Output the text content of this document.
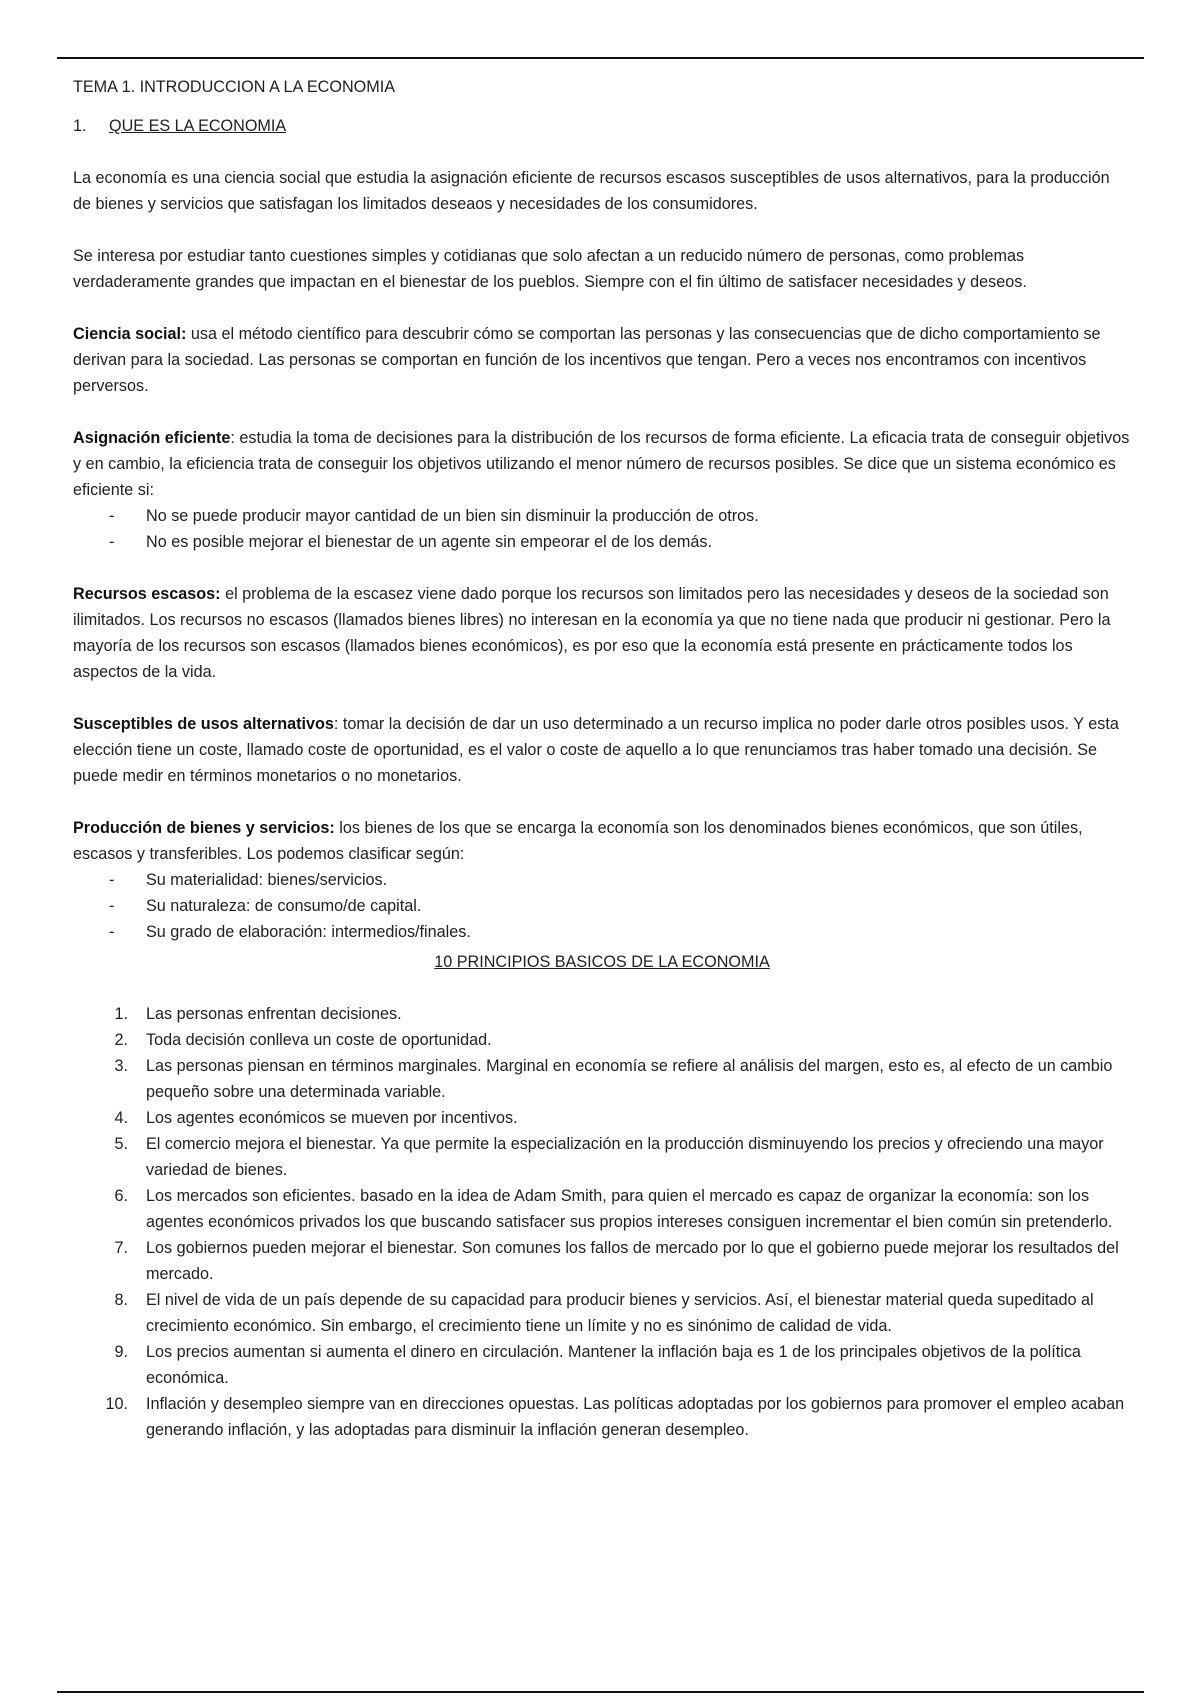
TEMA 1. INTRODUCCION A LA ECONOMIA
1. QUE ES LA ECONOMIA

La economía es una ciencia social que estudia la asignación eficiente de recursos escasos susceptibles de usos alternativos, para la producción de bienes y servicios que satisfagan los limitados deseaos y necesidades de los consumidores.

Se interesa por estudiar tanto cuestiones simples y cotidianas que solo afectan a un reducido número de personas, como problemas verdaderamente grandes que impactan en el bienestar de los pueblos. Siempre con el fin último de satisfacer necesidades y deseos.

Ciencia social: usa el método científico para descubrir cómo se comportan las personas y las consecuencias que de dicho comportamiento se derivan para la sociedad. Las personas se comportan en función de los incentivos que tengan. Pero a veces nos encontramos con incentivos perversos.

Asignación eficiente: estudia la toma de decisiones para la distribución de los recursos de forma eficiente. La eficacia trata de conseguir objetivos y en cambio, la eficiencia trata de conseguir los objetivos utilizando el menor número de recursos posibles. Se dice que un sistema económico es eficiente si:

- No se puede producir mayor cantidad de un bien sin disminuir la producción de otros.
- No es posible mejorar el bienestar de un agente sin empeorar el de los demás.

Recursos escasos: el problema de la escasez viene dado porque los recursos son limitados pero las necesidades y deseos de la sociedad son ilimitados. Los recursos no escasos (llamados bienes libres) no interesan en la economía ya que no tiene nada que producir ni gestionar. Pero la mayoría de los recursos son escasos (llamados bienes económicos), es por eso que la economía está presente en prácticamente todos los aspectos de la vida.

Susceptibles de usos alternativos: tomar la decisión de dar un uso determinado a un recurso implica no poder darle otros posibles usos. Y esta elección tiene un coste, llamado coste de oportunidad, es el valor o coste de aquello a lo que renunciamos tras haber tomado una decisión. Se puede medir en términos monetarios o no monetarios.

Producción de bienes y servicios: los bienes de los que se encarga la economía son los denominados bienes económicos, que son útiles, escasos y transferibles. Los podemos clasificar según:

- Su materialidad: bienes/servicios.
- Su naturaleza: de consumo/de capital.
- Su grado de elaboración: intermedios/finales.
10 PRINCIPIOS BASICOS DE LA ECONOMIA
1. Las personas enfrentan decisiones.
2. Toda decisión conlleva un coste de oportunidad.
3. Las personas piensan en términos marginales. Marginal en economía se refiere al análisis del margen, esto es, al efecto de un cambio pequeño sobre una determinada variable.
4. Los agentes económicos se mueven por incentivos.
5. El comercio mejora el bienestar. Ya que permite la especialización en la producción disminuyendo los precios y ofreciendo una mayor variedad de bienes.
6. Los mercados son eficientes. basado en la idea de Adam Smith, para quien el mercado es capaz de organizar la economía: son los agentes económicos privados los que buscando satisfacer sus propios intereses consiguen incrementar el bien común sin pretenderlo.
7. Los gobiernos pueden mejorar el bienestar. Son comunes los fallos de mercado por lo que el gobierno puede mejorar los resultados del mercado.
8. El nivel de vida de un país depende de su capacidad para producir bienes y servicios. Así, el bienestar material queda supeditado al crecimiento económico. Sin embargo, el crecimiento tiene un límite y no es sinónimo de calidad de vida.
9. Los precios aumentan si aumenta el dinero en circulación. Mantener la inflación baja es 1 de los principales objetivos de la política económica.
10. Inflación y desempleo siempre van en direcciones opuestas. Las políticas adoptadas por los gobiernos para promover el empleo acaban generando inflación, y las adoptadas para disminuir la inflación generan desempleo.
